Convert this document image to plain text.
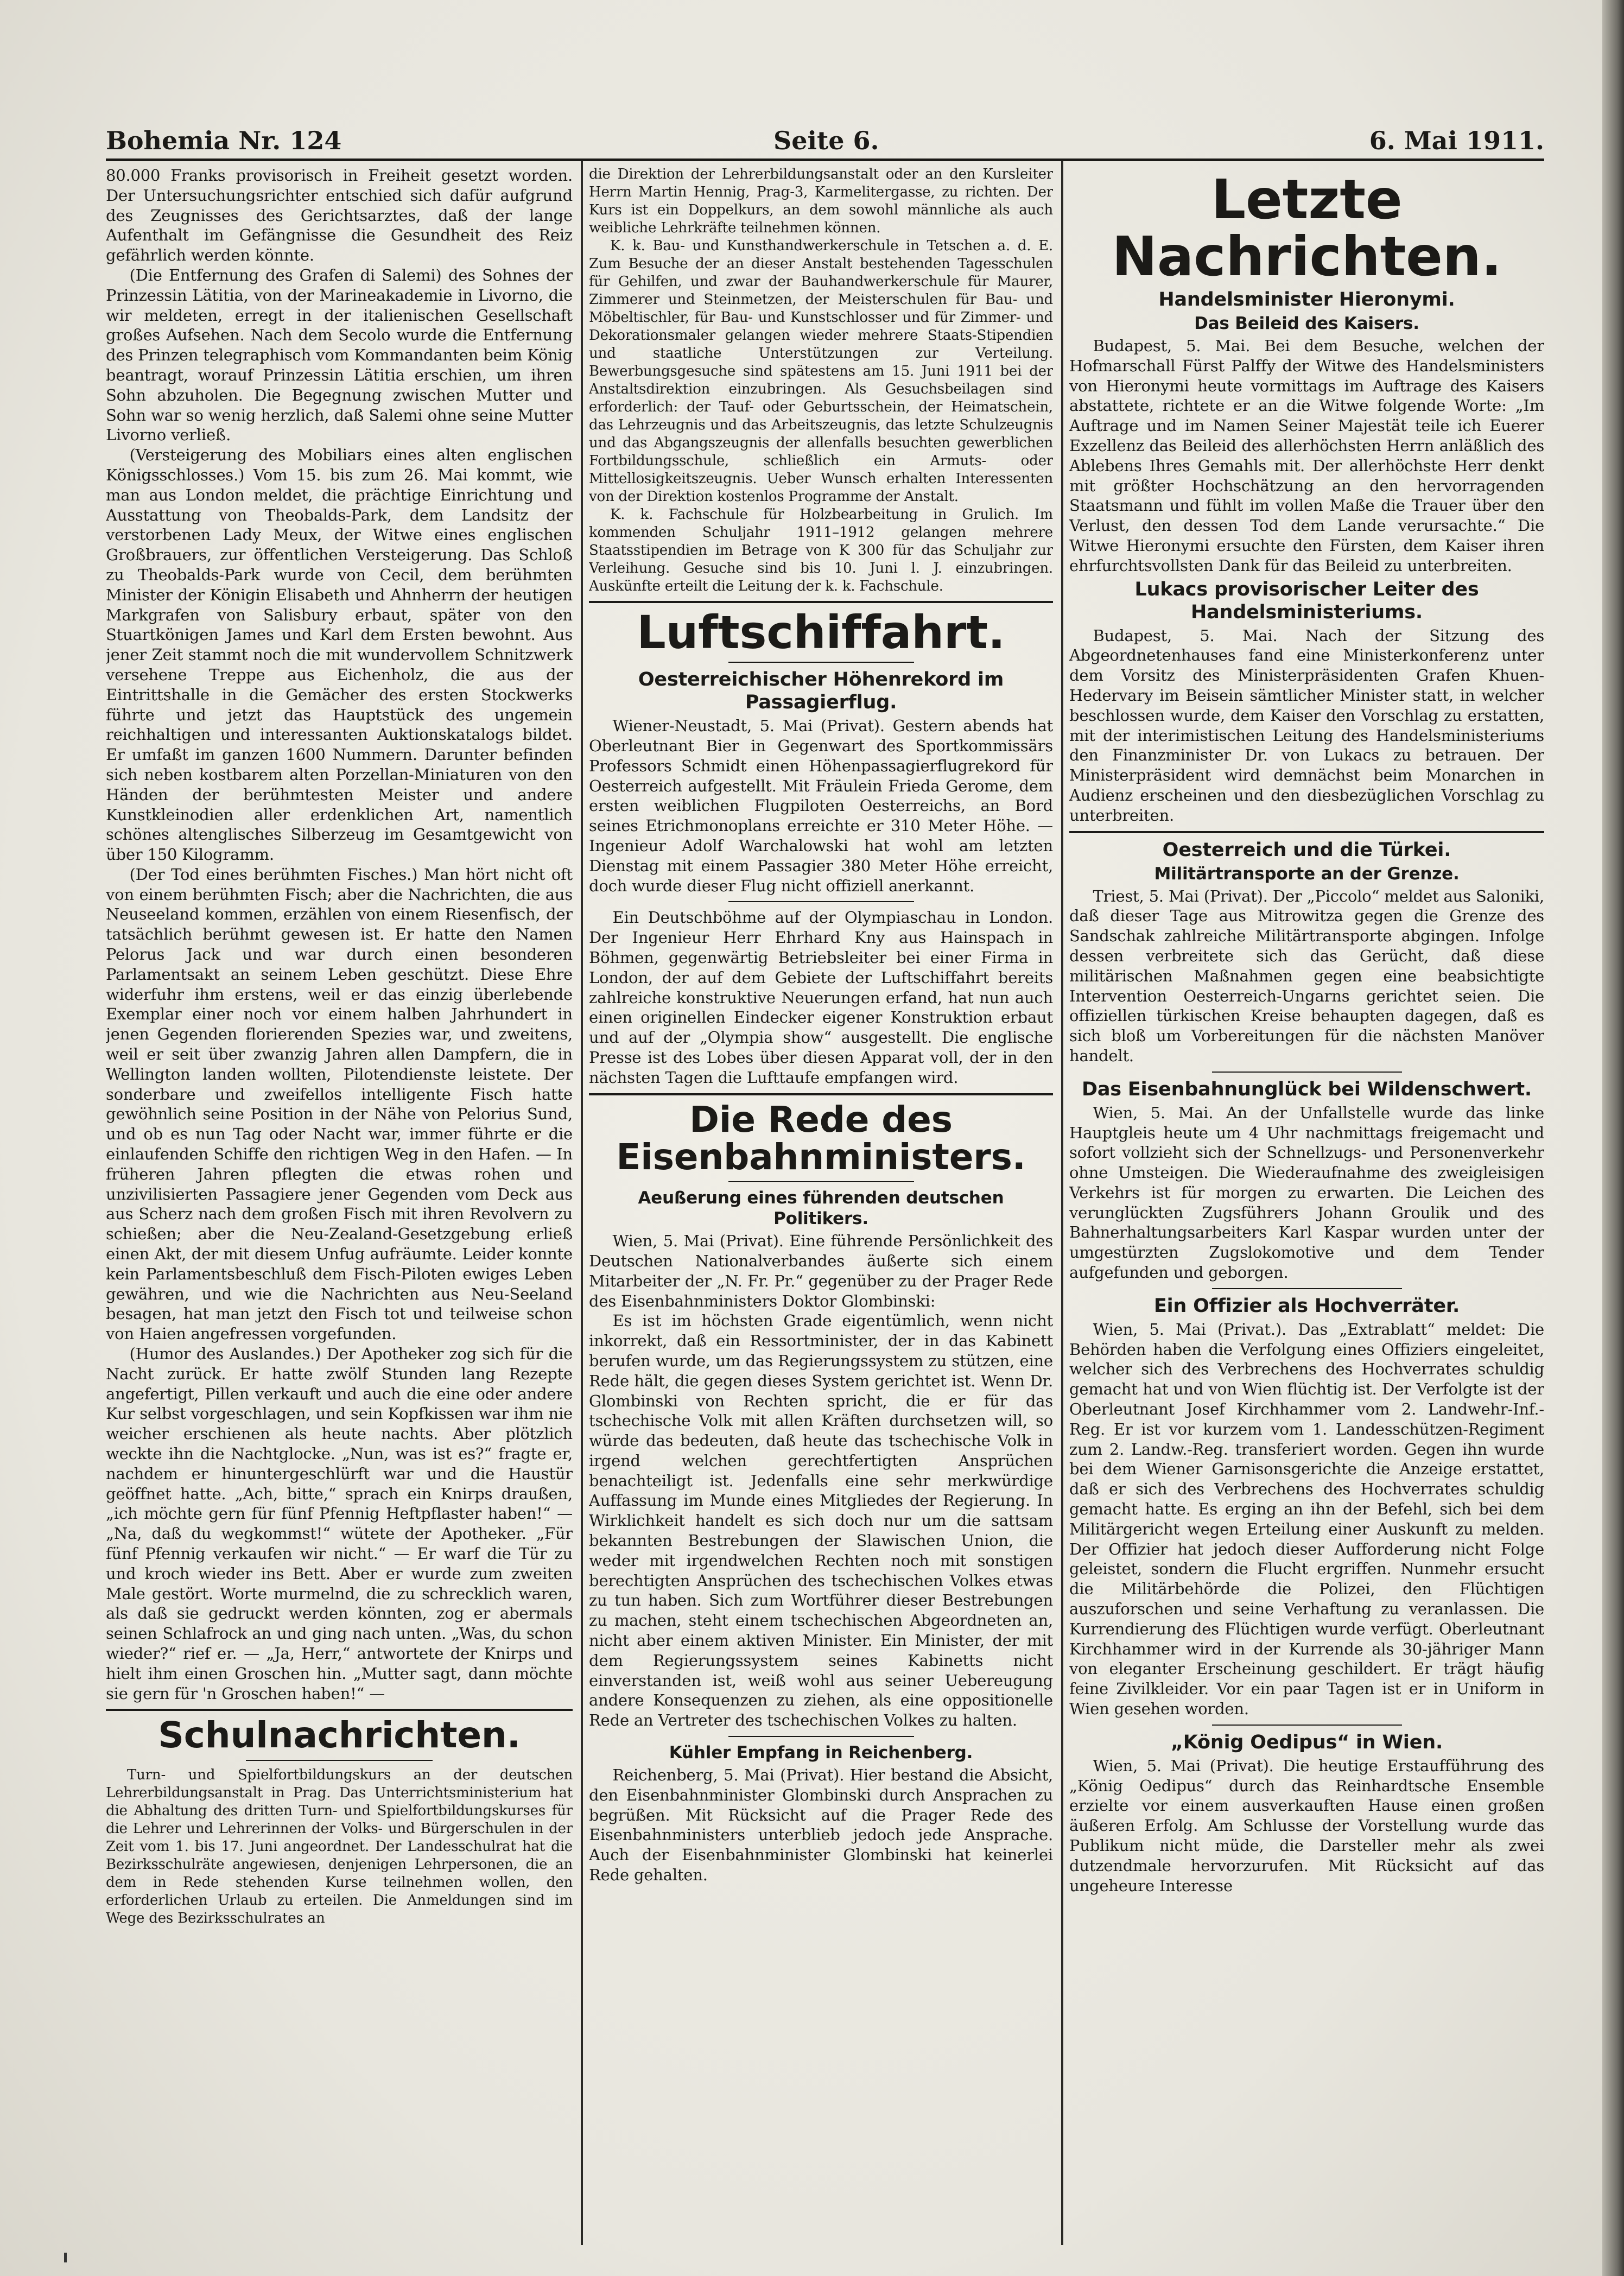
Bohemia Nr. 124	Seite 6.	6. Mai 1911.

80.000 Franks provisorisch in Freiheit gesetzt worden. Der Untersuchungsrichter entschied sich dafür aufgrund des Zeugnisses des Gerichtsarztes, daß der lange Aufenthalt im Gefängnisse die Gesundheit des Reiz gefährlich werden könnte.

(Die Entfernung des Grafen di Salemi) des Sohnes der Prinzessin Lätitia, von der Marineakademie in Livorno, die wir meldeten, erregt in der italienischen Gesellschaft großes Aufsehen. Nach dem Secolo wurde die Entfernung des Prinzen telegraphisch vom Kommandanten beim König beantragt, worauf Prinzessin Lätitia erschien, um ihren Sohn abzuholen. Die Begegnung zwischen Mutter und Sohn war so wenig herzlich, daß Salemi ohne seine Mutter Livorno verließ.

(Versteigerung des Mobiliars eines alten englischen Königsschlosses.) Vom 15. bis zum 26. Mai kommt, wie man aus London meldet, die prächtige Einrichtung und Ausstattung von Theobalds-Park, dem Landsitz der verstorbenen Lady Meux, der Witwe eines englischen Großbrauers, zur öffentlichen Versteigerung. Das Schloß zu Theobalds-Park wurde von Cecil, dem berühmten Minister der Königin Elisabeth und Ahnherrn der heutigen Markgrafen von Salisbury erbaut, später von den Stuartkönigen James und Karl dem Ersten bewohnt. Aus jener Zeit stammt noch die mit wundervollem Schnitzwerk versehene Treppe aus Eichenholz, die aus der Eintrittshalle in die Gemächer des ersten Stockwerks führte und jetzt das Hauptstück des ungemein reichhaltigen und interessanten Auktionskatalogs bildet. Er umfaßt im ganzen 1600 Nummern. Darunter befinden sich neben kostbarem alten Porzellan-Miniaturen von den Händen der berühmtesten Meister und andere Kunstkleinodien aller erdenklichen Art, namentlich schönes altenglisches Silberzeug im Gesamtgewicht von über 150 Kilogramm.

(Der Tod eines berühmten Fisches.) Man hört nicht oft von einem berühmten Fisch; aber die Nachrichten, die aus Neuseeland kommen, erzählen von einem Riesenfisch, der tatsächlich berühmt gewesen ist. Er hatte den Namen Pelorus Jack und war durch einen besonderen Parlamentsakt an seinem Leben geschützt. Diese Ehre widerfuhr ihm erstens, weil er das einzig überlebende Exemplar einer noch vor einem halben Jahrhundert in jenen Gegenden florierenden Spezies war, und zweitens, weil er seit über zwanzig Jahren allen Dampfern, die in Wellington landen wollten, Pilotendienste leistete. Der sonderbare und zweifellos intelligente Fisch hatte gewöhnlich seine Position in der Nähe von Pelorius Sund, und ob es nun Tag oder Nacht war, immer führte er die einlaufenden Schiffe den richtigen Weg in den Hafen. — In früheren Jahren pflegten die etwas rohen und unzivilisierten Passagiere jener Gegenden vom Deck aus aus Scherz nach dem großen Fisch mit ihren Revolvern zu schießen; aber die Neu-Zealand-Gesetzgebung erließ einen Akt, der mit diesem Unfug aufräumte. Leider konnte kein Parlamentsbeschluß dem Fisch-Piloten ewiges Leben gewähren, und wie die Nachrichten aus Neu-Seeland besagen, hat man jetzt den Fisch tot und teilweise schon von Haien angefressen vorgefunden.

(Humor des Auslandes.) Der Apotheker zog sich für die Nacht zurück. Er hatte zwölf Stunden lang Rezepte angefertigt, Pillen verkauft und auch die eine oder andere Kur selbst vorgeschlagen, und sein Kopfkissen war ihm nie weicher erschienen als heute nachts. Aber plötzlich weckte ihn die Nachtglocke. „Nun, was ist es?“ fragte er, nachdem er hinuntergeschlürft war und die Haustür geöffnet hatte. „Ach, bitte,“ sprach ein Knirps draußen, „ich möchte gern für fünf Pfennig Heftpflaster haben!“ — „Na, daß du wegkommst!“ wütete der Apotheker. „Für fünf Pfennig verkaufen wir nicht.“ — Er warf die Tür zu und kroch wieder ins Bett. Aber er wurde zum zweiten Male gestört. Worte murmelnd, die zu schrecklich waren, als daß sie gedruckt werden könnten, zog er abermals seinen Schlafrock an und ging nach unten. „Was, du schon wieder?“ rief er. — „Ja, Herr,“ antwortete der Knirps und hielt ihm einen Groschen hin. „Mutter sagt, dann möchte sie gern für 'n Groschen haben!“ —

Schulnachrichten.

Turn- und Spielfortbildungskurs an der deutschen Lehrerbildungsanstalt in Prag. Das Unterrichtsministerium hat die Abhaltung des dritten Turn- und Spielfortbildungskurses für die Lehrer und Lehrerinnen der Volks- und Bürgerschulen in der Zeit vom 1. bis 17. Juni angeordnet. Der Landesschulrat hat die Bezirksschulräte angewiesen, denjenigen Lehrpersonen, die an dem in Rede stehenden Kurse teilnehmen wollen, den erforderlichen Urlaub zu erteilen. Die Anmeldungen sind im Wege des Bezirksschulrates an

die Direktion der Lehrerbildungsanstalt oder an den Kursleiter Herrn Martin Hennig, Prag-3, Karmelitergasse, zu richten. Der Kurs ist ein Doppelkurs, an dem sowohl männliche als auch weibliche Lehrkräfte teilnehmen können.

K. k. Bau- und Kunsthandwerkerschule in Tetschen a. d. E. Zum Besuche der an dieser Anstalt bestehenden Tagesschulen für Gehilfen, und zwar der Bauhandwerkerschule für Maurer, Zimmerer und Steinmetzen, der Meisterschulen für Bau- und Möbeltischler, für Bau- und Kunstschlosser und für Zimmer- und Dekorationsmaler gelangen wieder mehrere Staats-Stipendien und staatliche Unterstützungen zur Verteilung. Bewerbungsgesuche sind spätestens am 15. Juni 1911 bei der Anstaltsdirektion einzubringen. Als Gesuchsbeilagen sind erforderlich: der Tauf- oder Geburtsschein, der Heimatschein, das Lehrzeugnis und das Arbeitszeugnis, das letzte Schulzeugnis und das Abgangszeugnis der allenfalls besuchten gewerblichen Fortbildungsschule, schließlich ein Armuts- oder Mittellosigkeitszeugnis. Ueber Wunsch erhalten Interessenten von der Direktion kostenlos Programme der Anstalt.

K. k. Fachschule für Holzbearbeitung in Grulich. Im kommenden Schuljahr 1911–1912 gelangen mehrere Staatsstipendien im Betrage von K 300 für das Schuljahr zur Verleihung. Gesuche sind bis 10. Juni l. J. einzubringen. Auskünfte erteilt die Leitung der k. k. Fachschule.

Luftschiffahrt.
Oesterreichischer Höhenrekord im Passagierflug.

Wiener-Neustadt, 5. Mai (Privat). Gestern abends hat Oberleutnant Bier in Gegenwart des Sportkommissärs Professors Schmidt einen Höhenpassagierflugrekord für Oesterreich aufgestellt. Mit Fräulein Frieda Gerome, dem ersten weiblichen Flugpiloten Oesterreichs, an Bord seines Etrichmonoplans erreichte er 310 Meter Höhe. — Ingenieur Adolf Warchalowski hat wohl am letzten Dienstag mit einem Passagier 380 Meter Höhe erreicht, doch wurde dieser Flug nicht offiziell anerkannt.

Ein Deutschböhme auf der Olympiaschau in London. Der Ingenieur Herr Ehrhard Kny aus Hainspach in Böhmen, gegenwärtig Betriebsleiter bei einer Firma in London, der auf dem Gebiete der Luftschiffahrt bereits zahlreiche konstruktive Neuerungen erfand, hat nun auch einen originellen Eindecker eigener Konstruktion erbaut und auf der „Olympia show“ ausgestellt. Die englische Presse ist des Lobes über diesen Apparat voll, der in den nächsten Tagen die Lufttaufe empfangen wird.

Die Rede des Eisenbahnministers.
Aeußerung eines führenden deutschen Politikers.

Wien, 5. Mai (Privat). Eine führende Persönlichkeit des Deutschen Nationalverbandes äußerte sich einem Mitarbeiter der „N. Fr. Pr.“ gegenüber zu der Prager Rede des Eisenbahnministers Doktor Glombinski:

Es ist im höchsten Grade eigentümlich, wenn nicht inkorrekt, daß ein Ressortminister, der in das Kabinett berufen wurde, um das Regierungssystem zu stützen, eine Rede hält, die gegen dieses System gerichtet ist. Wenn Dr. Glombinski von Rechten spricht, die er für das tschechische Volk mit allen Kräften durchsetzen will, so würde das bedeuten, daß heute das tschechische Volk in irgend welchen gerechtfertigten Ansprüchen benachteiligt ist. Jedenfalls eine sehr merkwürdige Auffassung im Munde eines Mitgliedes der Regierung. In Wirklichkeit handelt es sich doch nur um die sattsam bekannten Bestrebungen der Slawischen Union, die weder mit irgendwelchen Rechten noch mit sonstigen berechtigten Ansprüchen des tschechischen Volkes etwas zu tun haben. Sich zum Wortführer dieser Bestrebungen zu machen, steht einem tschechischen Abgeordneten an, nicht aber einem aktiven Minister. Ein Minister, der mit dem Regierungssystem seines Kabinetts nicht einverstanden ist, weiß wohl aus seiner Uebereugung andere Konsequenzen zu ziehen, als eine oppositionelle Rede an Vertreter des tschechischen Volkes zu halten.

Kühler Empfang in Reichenberg.

Reichenberg, 5. Mai (Privat). Hier bestand die Absicht, den Eisenbahnminister Glombinski durch Ansprachen zu begrüßen. Mit Rücksicht auf die Prager Rede des Eisenbahnministers unterblieb jedoch jede Ansprache. Auch der Eisenbahnminister Glombinski hat keinerlei Rede gehalten.

Letzte Nachrichten.
Handelsminister Hieronymi.
Das Beileid des Kaisers.

Budapest, 5. Mai. Bei dem Besuche, welchen der Hofmarschall Fürst Palffy der Witwe des Handelsministers von Hieronymi heute vormittags im Auftrage des Kaisers abstattete, richtete er an die Witwe folgende Worte: „Im Auftrage und im Namen Seiner Majestät teile ich Euerer Exzellenz das Beileid des allerhöchsten Herrn anläßlich des Ablebens Ihres Gemahls mit. Der allerhöchste Herr denkt mit größter Hochschätzung an den hervorragenden Staatsmann und fühlt im vollen Maße die Trauer über den Verlust, den dessen Tod dem Lande verursachte.“ Die Witwe Hieronymi ersuchte den Fürsten, dem Kaiser ihren ehrfurchtsvollsten Dank für das Beileid zu unterbreiten.

Lukacs provisorischer Leiter des Handelsministeriums.

Budapest, 5. Mai. Nach der Sitzung des Abgeordnetenhauses fand eine Ministerkonferenz unter dem Vorsitz des Ministerpräsidenten Grafen Khuen-Hedervary im Beisein sämtlicher Minister statt, in welcher beschlossen wurde, dem Kaiser den Vorschlag zu erstatten, mit der interimistischen Leitung des Handelsministeriums den Finanzminister Dr. von Lukacs zu betrauen. Der Ministerpräsident wird demnächst beim Monarchen in Audienz erscheinen und den diesbezüglichen Vorschlag zu unterbreiten.

Oesterreich und die Türkei.
Militärtransporte an der Grenze.

Triest, 5. Mai (Privat). Der „Piccolo“ meldet aus Saloniki, daß dieser Tage aus Mitrowitza gegen die Grenze des Sandschak zahlreiche Militärtransporte abgingen. Infolge dessen verbreitete sich das Gerücht, daß diese militärischen Maßnahmen gegen eine beabsichtigte Intervention Oesterreich-Ungarns gerichtet seien. Die offiziellen türkischen Kreise behaupten dagegen, daß es sich bloß um Vorbereitungen für die nächsten Manöver handelt.

Das Eisenbahnunglück bei Wildenschwert.

Wien, 5. Mai. An der Unfallstelle wurde das linke Hauptgleis heute um 4 Uhr nachmittags freigemacht und sofort vollzieht sich der Schnellzugs- und Personenverkehr ohne Umsteigen. Die Wiederaufnahme des zweigleisigen Verkehrs ist für morgen zu erwarten. Die Leichen des verunglückten Zugsführers Johann Groulik und des Bahnerhaltungsarbeiters Karl Kaspar wurden unter der umgestürzten Zugslokomotive und dem Tender aufgefunden und geborgen.

Ein Offizier als Hochverräter.

Wien, 5. Mai (Privat.). Das „Extrablatt“ meldet: Die Behörden haben die Verfolgung eines Offiziers eingeleitet, welcher sich des Verbrechens des Hochverrates schuldig gemacht hat und von Wien flüchtig ist. Der Verfolgte ist der Oberleutnant Josef Kirchhammer vom 2. Landwehr-Inf.-Reg. Er ist vor kurzem vom 1. Landesschützen-Regiment zum 2. Landw.-Reg. transferiert worden. Gegen ihn wurde bei dem Wiener Garnisonsgerichte die Anzeige erstattet, daß er sich des Verbrechens des Hochverrates schuldig gemacht hatte. Es erging an ihn der Befehl, sich bei dem Militärgericht wegen Erteilung einer Auskunft zu melden. Der Offizier hat jedoch dieser Aufforderung nicht Folge geleistet, sondern die Flucht ergriffen. Nunmehr ersucht die Militärbehörde die Polizei, den Flüchtigen auszuforschen und seine Verhaftung zu veranlassen. Die Kurrendierung des Flüchtigen wurde verfügt. Oberleutnant Kirchhammer wird in der Kurrende als 30-jähriger Mann von eleganter Erscheinung geschildert. Er trägt häufig feine Zivilkleider. Vor ein paar Tagen ist er in Uniform in Wien gesehen worden.

„König Oedipus“ in Wien.

Wien, 5. Mai (Privat). Die heutige Erstaufführung des „König Oedipus“ durch das Reinhardtsche Ensemble erzielte vor einem ausverkauften Hause einen großen äußeren Erfolg. Am Schlusse der Vorstellung wurde das Publikum nicht müde, die Darsteller mehr als zwei dutzendmale hervorzurufen. Mit Rücksicht auf das ungeheure Interesse
